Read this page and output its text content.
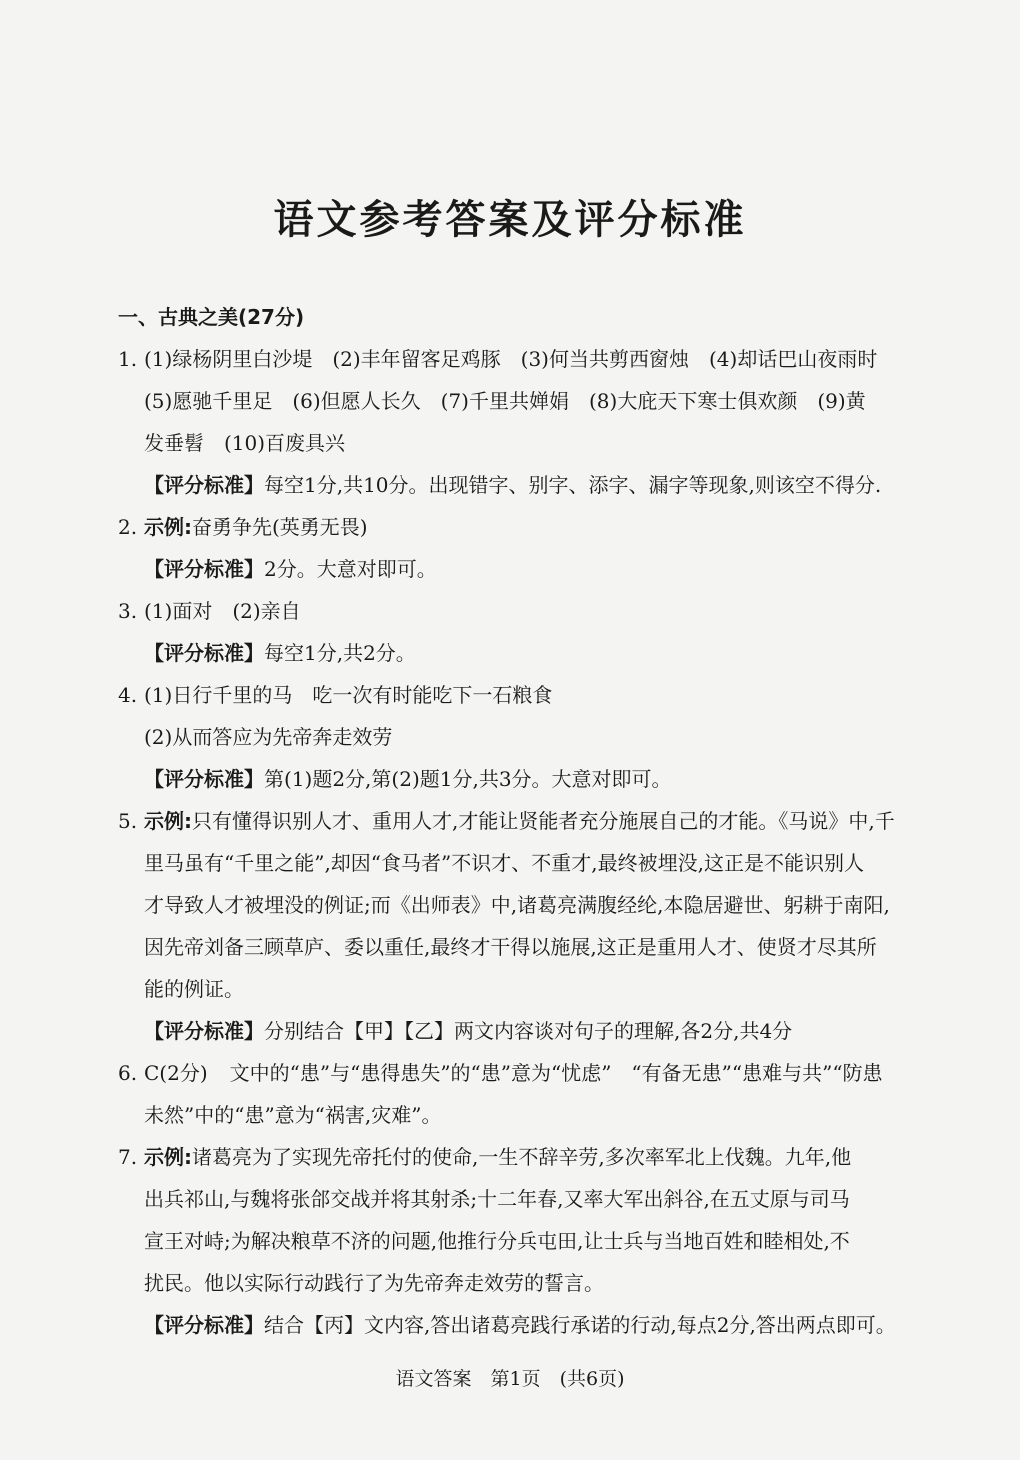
语文参考答案及评分标准
一、古典之美(27分)
1. (1)绿杨阴里白沙堤　(2)丰年留客足鸡豚　(3)何当共剪西窗烛　(4)却话巴山夜雨时
(5)愿驰千里足　(6)但愿人长久　(7)千里共婵娟　(8)大庇天下寒士俱欢颜　(9)黄
发垂髫　(10)百废具兴
【评分标准】每空1分,共10分。出现错字、别字、添字、漏字等现象,则该空不得分.
2. 示例:奋勇争先(英勇无畏)
【评分标准】2分。大意对即可。
3. (1)面对　(2)亲自
【评分标准】每空1分,共2分。
4. (1)日行千里的马　吃一次有时能吃下一石粮食
(2)从而答应为先帝奔走效劳
【评分标准】第(1)题2分,第(2)题1分,共3分。大意对即可。
5. 示例:只有懂得识别人才、重用人才,才能让贤能者充分施展自己的才能。《马说》中,千
里马虽有“千里之能”,却因“食马者”不识才、不重才,最终被埋没,这正是不能识别人
才导致人才被埋没的例证;而《出师表》中,诸葛亮满腹经纶,本隐居避世、躬耕于南阳,
因先帝刘备三顾草庐、委以重任,最终才干得以施展,这正是重用人才、使贤才尽其所
能的例证。
【评分标准】分别结合【甲】【乙】两文内容谈对句子的理解,各2分,共4分
6. C(2分) 文中的“患”与“患得患失”的“患”意为“忧虑”　“有备无患”“患难与共”“防患
未然”中的“患”意为“祸害,灾难”。
7. 示例:诸葛亮为了实现先帝托付的使命,一生不辞辛劳,多次率军北上伐魏。九年,他
出兵祁山,与魏将张郃交战并将其射杀;十二年春,又率大军出斜谷,在五丈原与司马
宣王对峙;为解决粮草不济的问题,他推行分兵屯田,让士兵与当地百姓和睦相处,不
扰民。他以实际行动践行了为先帝奔走效劳的誓言。
【评分标准】结合【丙】文内容,答出诸葛亮践行承诺的行动,每点2分,答出两点即可。
语文答案　第1页　(共6页)
